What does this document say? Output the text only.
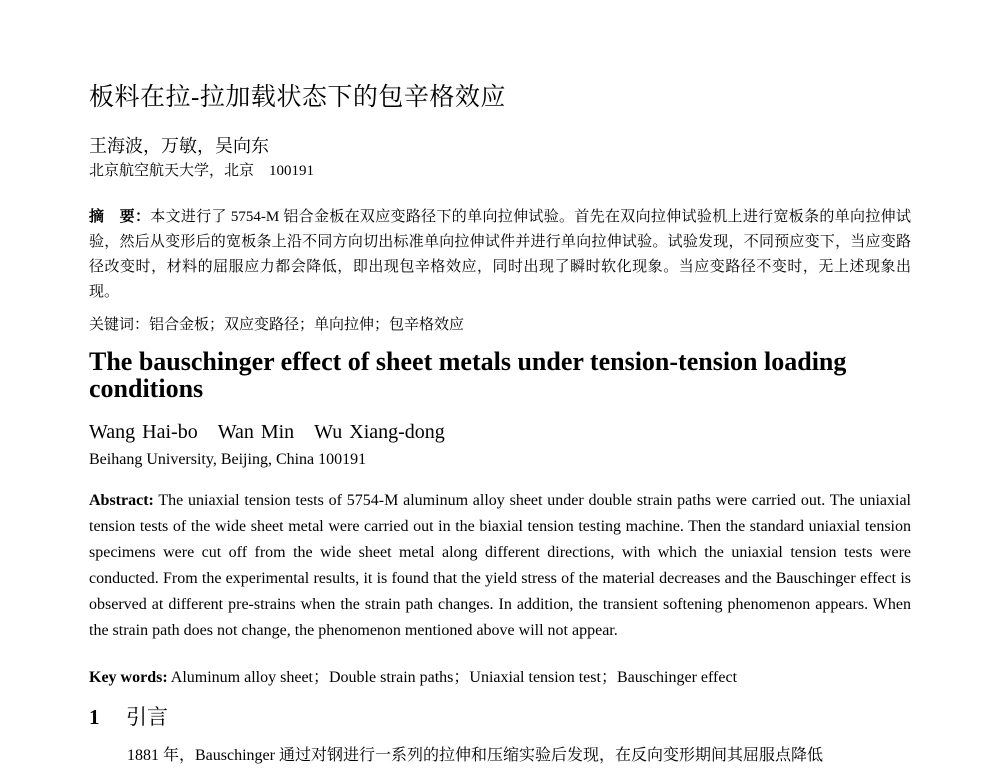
板料在拉-拉加载状态下的包辛格效应
王海波，万敏，吴向东
北京航空航天大学，北京　100191

摘　要：本文进行了 5754-M 铝合金板在双应变路径下的单向拉伸试验。首先在双向拉伸试验机上进行宽板条的单向拉伸试验，然后从变形后的宽板条上沿不同方向切出标准单向拉伸试件并进行单向拉伸试验。试验发现，不同预应变下，当应变路径改变时，材料的屈服应力都会降低，即出现包辛格效应，同时出现了瞬时软化现象。当应变路径不变时，无上述现象出现。

关键词：铝合金板；双应变路径；单向拉伸；包辛格效应
The bauschinger effect of sheet metals under tension-tension loading conditions
Wang Hai-bo　Wan Min　Wu Xiang-dong
Beihang University, Beijing, China 100191

Abstract: The uniaxial tension tests of 5754-M aluminum alloy sheet under double strain paths were carried out. The uniaxial tension tests of the wide sheet metal were carried out in the biaxial tension testing machine. Then the standard uniaxial tension specimens were cut off from the wide sheet metal along different directions, with which the uniaxial tension tests were conducted. From the experimental results, it is found that the yield stress of the material decreases and the Bauschinger effect is observed at different pre-strains when the strain path changes. In addition, the transient softening phenomenon appears. When the strain path does not change, the phenomenon mentioned above will not appear.

Key words: Aluminum alloy sheet；Double strain paths；Uniaxial tension test；Bauschinger effect
1 引言
1881 年，Bauschinger 通过对钢进行一系列的拉伸和压缩实验后发现，在反向变形期间其屈服点降低
